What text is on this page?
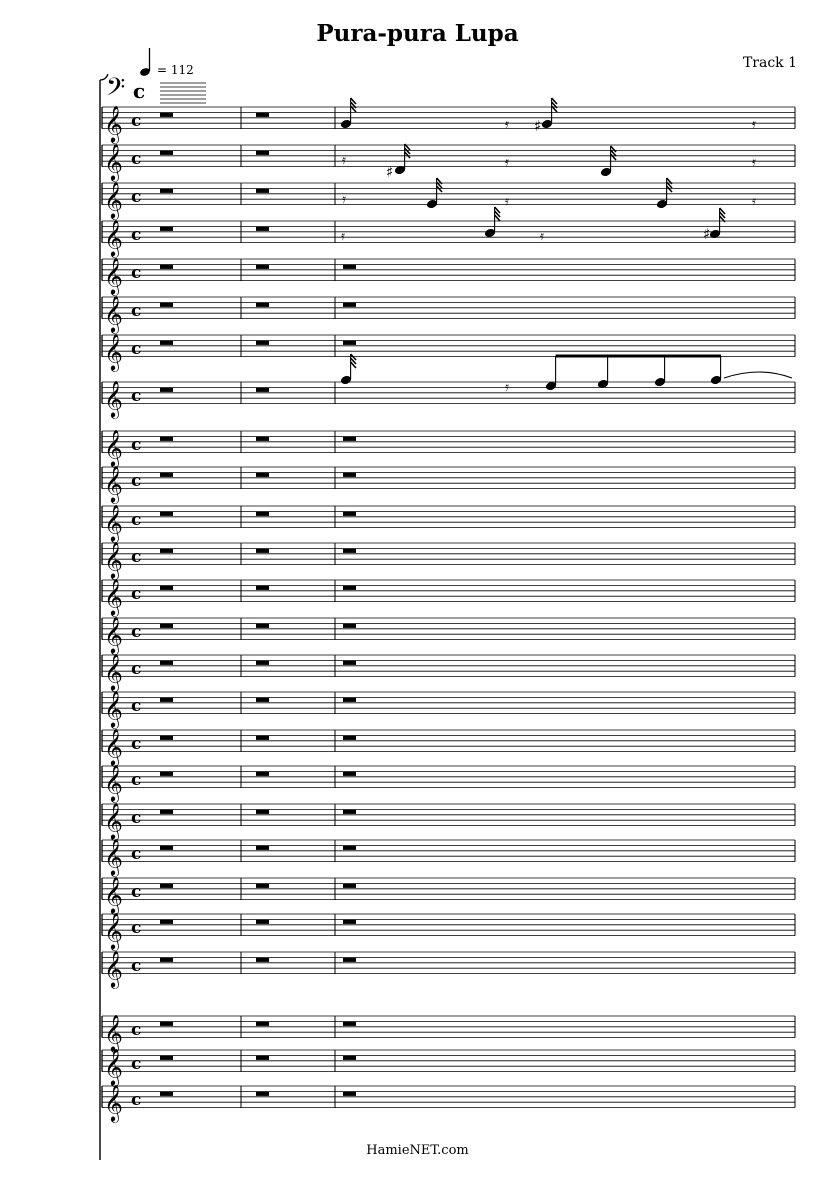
Pura-pura Lupa
Track 1
= 112
𝄢 c
𝄞 c
𝄞 c
𝄞 c
𝄞 c
𝄞 c
𝄞 c
𝄞 c
𝄞 c
𝄞 c
𝄞 c
𝄞 c
𝄞 c
𝄞 c
𝄞 c
𝄞 c
𝄞 c
𝄞 c
𝄞 c
𝄞 c
𝄞 c
𝄞 c
𝄞 c
𝄞 c
𝄞 c
𝄞 c
𝄞 c
𝄿 ♯	𝄿
𝄿
♯
𝄿	𝄿
𝄿	𝄿	𝄿
𝄿	𝄿	♯
𝄿
HamieNET.com
